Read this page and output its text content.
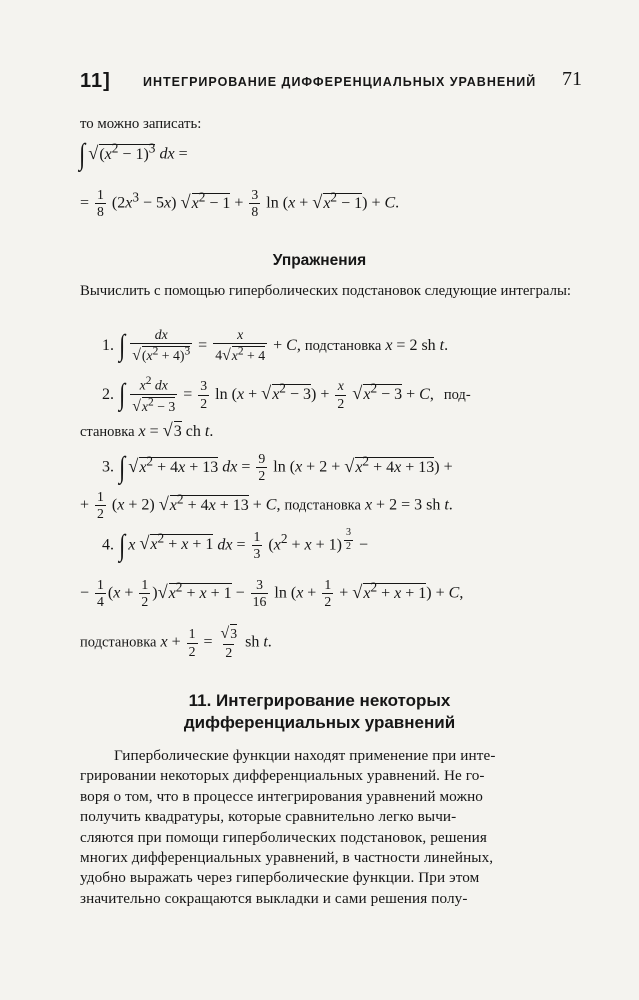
11]	ИНТЕГРИРОВАНИЕ ДИФФЕРЕНЦИАЛЬНЫХ УРАВНЕНИЙ 71
то можно записать:
∫ $√(x^2 - 1)^3$ dx =
= $\frac{1}{8} (2x^3 - 5x) √x^2 - 1 + \frac{3}{8}$ $\ln (x + √x^2 - 1) + C$.
Упражнения
Вычислить с помощью гиперболических подстановок следующие интегралы:
1. ∫ $\frac{dx}{√(x^2 + 4)^3} = \frac{x}{4√x^2 + 4} + C$, подстановка x = 2 sh t.
2. ∫ $\frac{x^2 dx}{√x^2 - 3} = \frac{3}{2}$ $\ln (x + √x^2 - 3) + \frac{x}{2} √x^2 - 3 + C$, под-
становка x = √3 ch t.
3. ∫ $√x^2 + 4x + 13$ dx = $\frac{9}{2}$ $\ln (x + 2 + √x^2 + 4x + 13)$ +
+ $\frac{1}{2} (x + 2) √x^2 + 4x + 13 + C$, подстановка x + 2 = 3 sh t.
4. ∫ x $√x^2 + x + 1$ dx = $\frac{1}{3} (x^2 + x + 1) ^{\frac{3}{2}}$ −
− $\frac{1}{4} (x + \frac{1}{2} )√x^2 + x + 1 - \frac{3}{16}$ $\ln (x + \frac{1}{2} + √x^2 + x + 1) + C$,
подстановка $x + \frac{1}{2} = \frac{√3}{2}$ sh t.
11. Интегрирование некоторых
дифференциальных уравнений
Гиперболические функции находят применение при инте-
грировании некоторых дифференциальных уравнений. Не го-
воря о том, что в процессе интегрирования уравнений можно
получить квадратуры, которые сравнительно легко вычи-
сляются при помощи гиперболических подстановок, решения
многих дифференциальных уравнений, в частности линейных,
удобно выражать через гиперболические функции. При этом
значительно сокращаются выкладки и сами решения полу-
